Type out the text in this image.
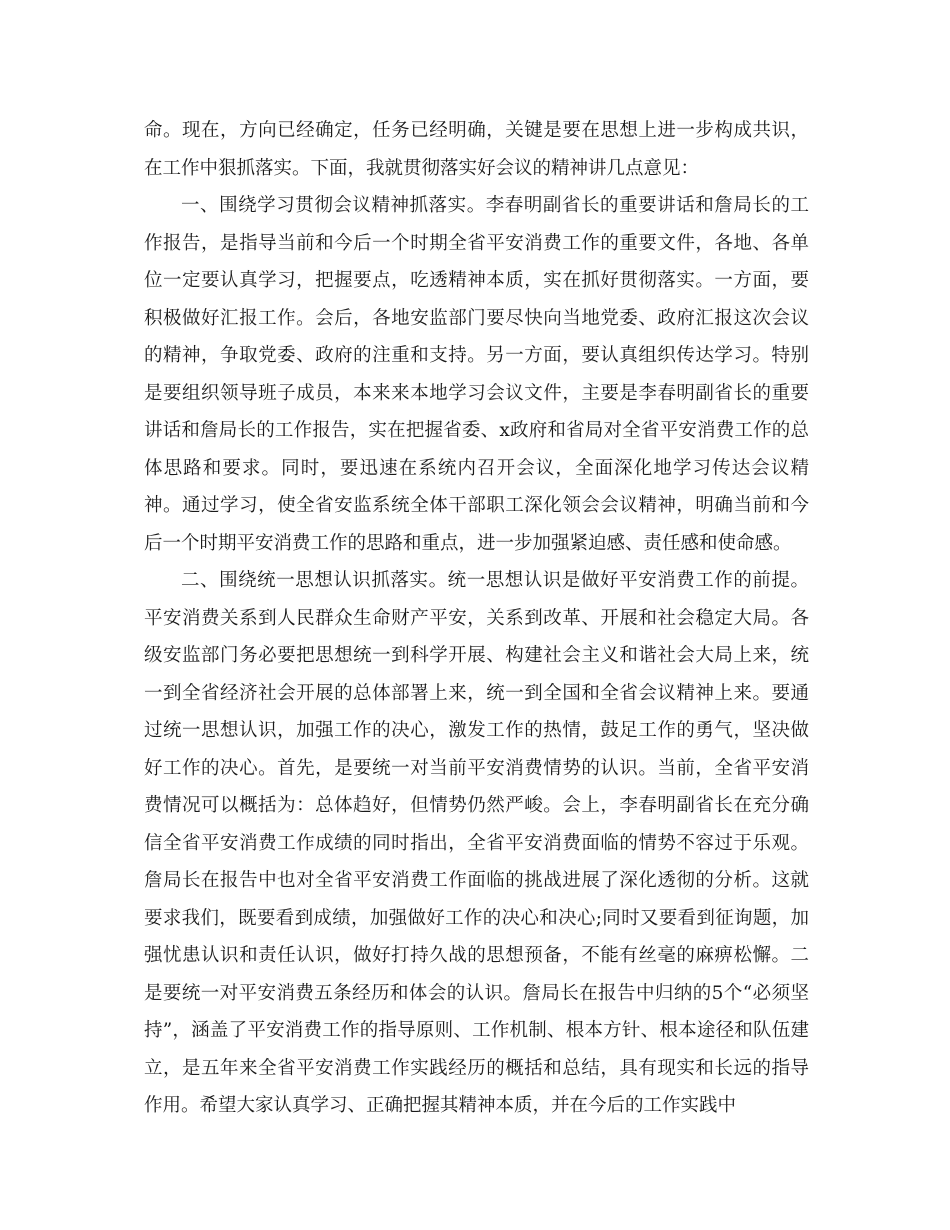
命。现在，方向已经确定，任务已经明确，关键是要在思想上进一步构成共识，在工作中狠抓落实。下面，我就贯彻落实好会议的精神讲几点意见：

一、围绕学习贯彻会议精神抓落实。李春明副省长的重要讲话和詹局长的工作报告，是指导当前和今后一个时期全省平安消费工作的重要文件，各地、各单位一定要认真学习，把握要点，吃透精神本质，实在抓好贯彻落实。一方面，要积极做好汇报工作。会后，各地安监部门要尽快向当地党委、政府汇报这次会议的精神，争取党委、政府的注重和支持。另一方面，要认真组织传达学习。特别是要组织领导班子成员，本来来本地学习会议文件，主要是李春明副省长的重要讲话和詹局长的工作报告，实在把握省委、x政府和省局对全省平安消费工作的总体思路和要求。同时，要迅速在系统内召开会议，全面深化地学习传达会议精神。通过学习，使全省安监系统全体干部职工深化领会会议精神，明确当前和今后一个时期平安消费工作的思路和重点，进一步加强紧迫感、责任感和使命感。

二、围绕统一思想认识抓落实。统一思想认识是做好平安消费工作的前提。平安消费关系到人民群众生命财产平安，关系到改革、开展和社会稳定大局。各级安监部门务必要把思想统一到科学开展、构建社会主义和谐社会大局上来，统一到全省经济社会开展的总体部署上来，统一到全国和全省会议精神上来。要通过统一思想认识，加强工作的决心，激发工作的热情，鼓足工作的勇气，坚决做好工作的决心。首先，是要统一对当前平安消费情势的认识。当前，全省平安消费情况可以概括为：总体趋好，但情势仍然严峻。会上，李春明副省长在充分确信全省平安消费工作成绩的同时指出，全省平安消费面临的情势不容过于乐观。詹局长在报告中也对全省平安消费工作面临的挑战进展了深化透彻的分析。这就要求我们，既要看到成绩，加强做好工作的决心和决心;同时又要看到征询题，加强忧患认识和责任认识，做好打持久战的思想预备，不能有丝毫的麻痹松懈。二是要统一对平安消费五条经历和体会的认识。詹局长在报告中归纳的5个“必须坚持”，涵盖了平安消费工作的指导原则、工作机制、根本方针、根本途径和队伍建立，是五年来全省平安消费工作实践经历的概括和总结，具有现实和长远的指导作用。希望大家认真学习、正确把握其精神本质，并在今后的工作实践中
